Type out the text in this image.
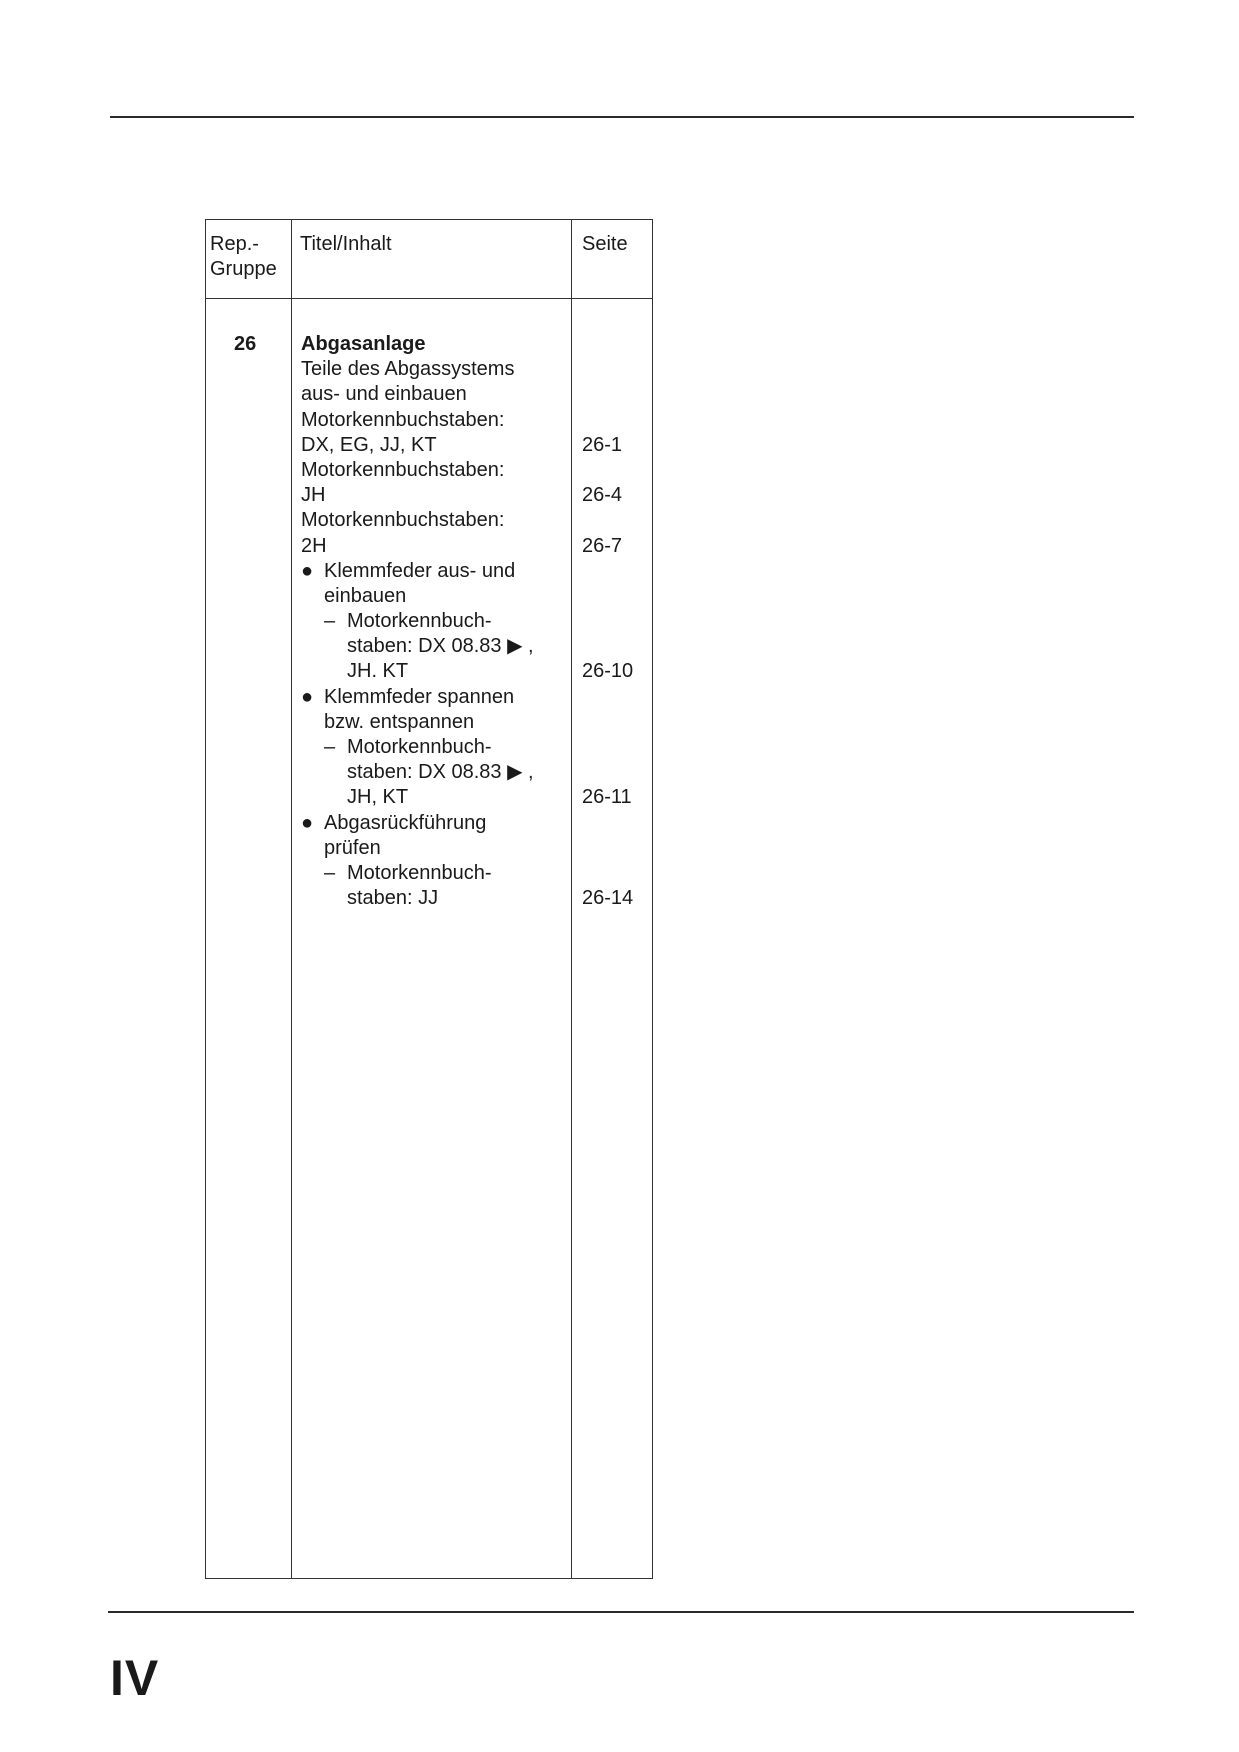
Rep.-
Gruppe
Titel/Inhalt	Seite
26 Abgasanlage
Teile des Abgassystems
aus- und einbauen
Motorkennbuchstaben:
DX, EG, JJ, KT
Motorkennbuchstaben:
JH
Motorkennbuchstaben:
2H
● Klemmfeder aus- und
einbauen
– Motorkennbuch-
staben: DX 08.83 ▶ ,
JH. KT
● Klemmfeder spannen
bzw. entspannen
– Motorkennbuch-
staben: DX 08.83 ▶ ,
JH, KT
● Abgasrückführung
prüfen
– Motorkennbuch-
staben: JJ
26-1
26-4
26-7
26-10
26-11
26-14
IV
